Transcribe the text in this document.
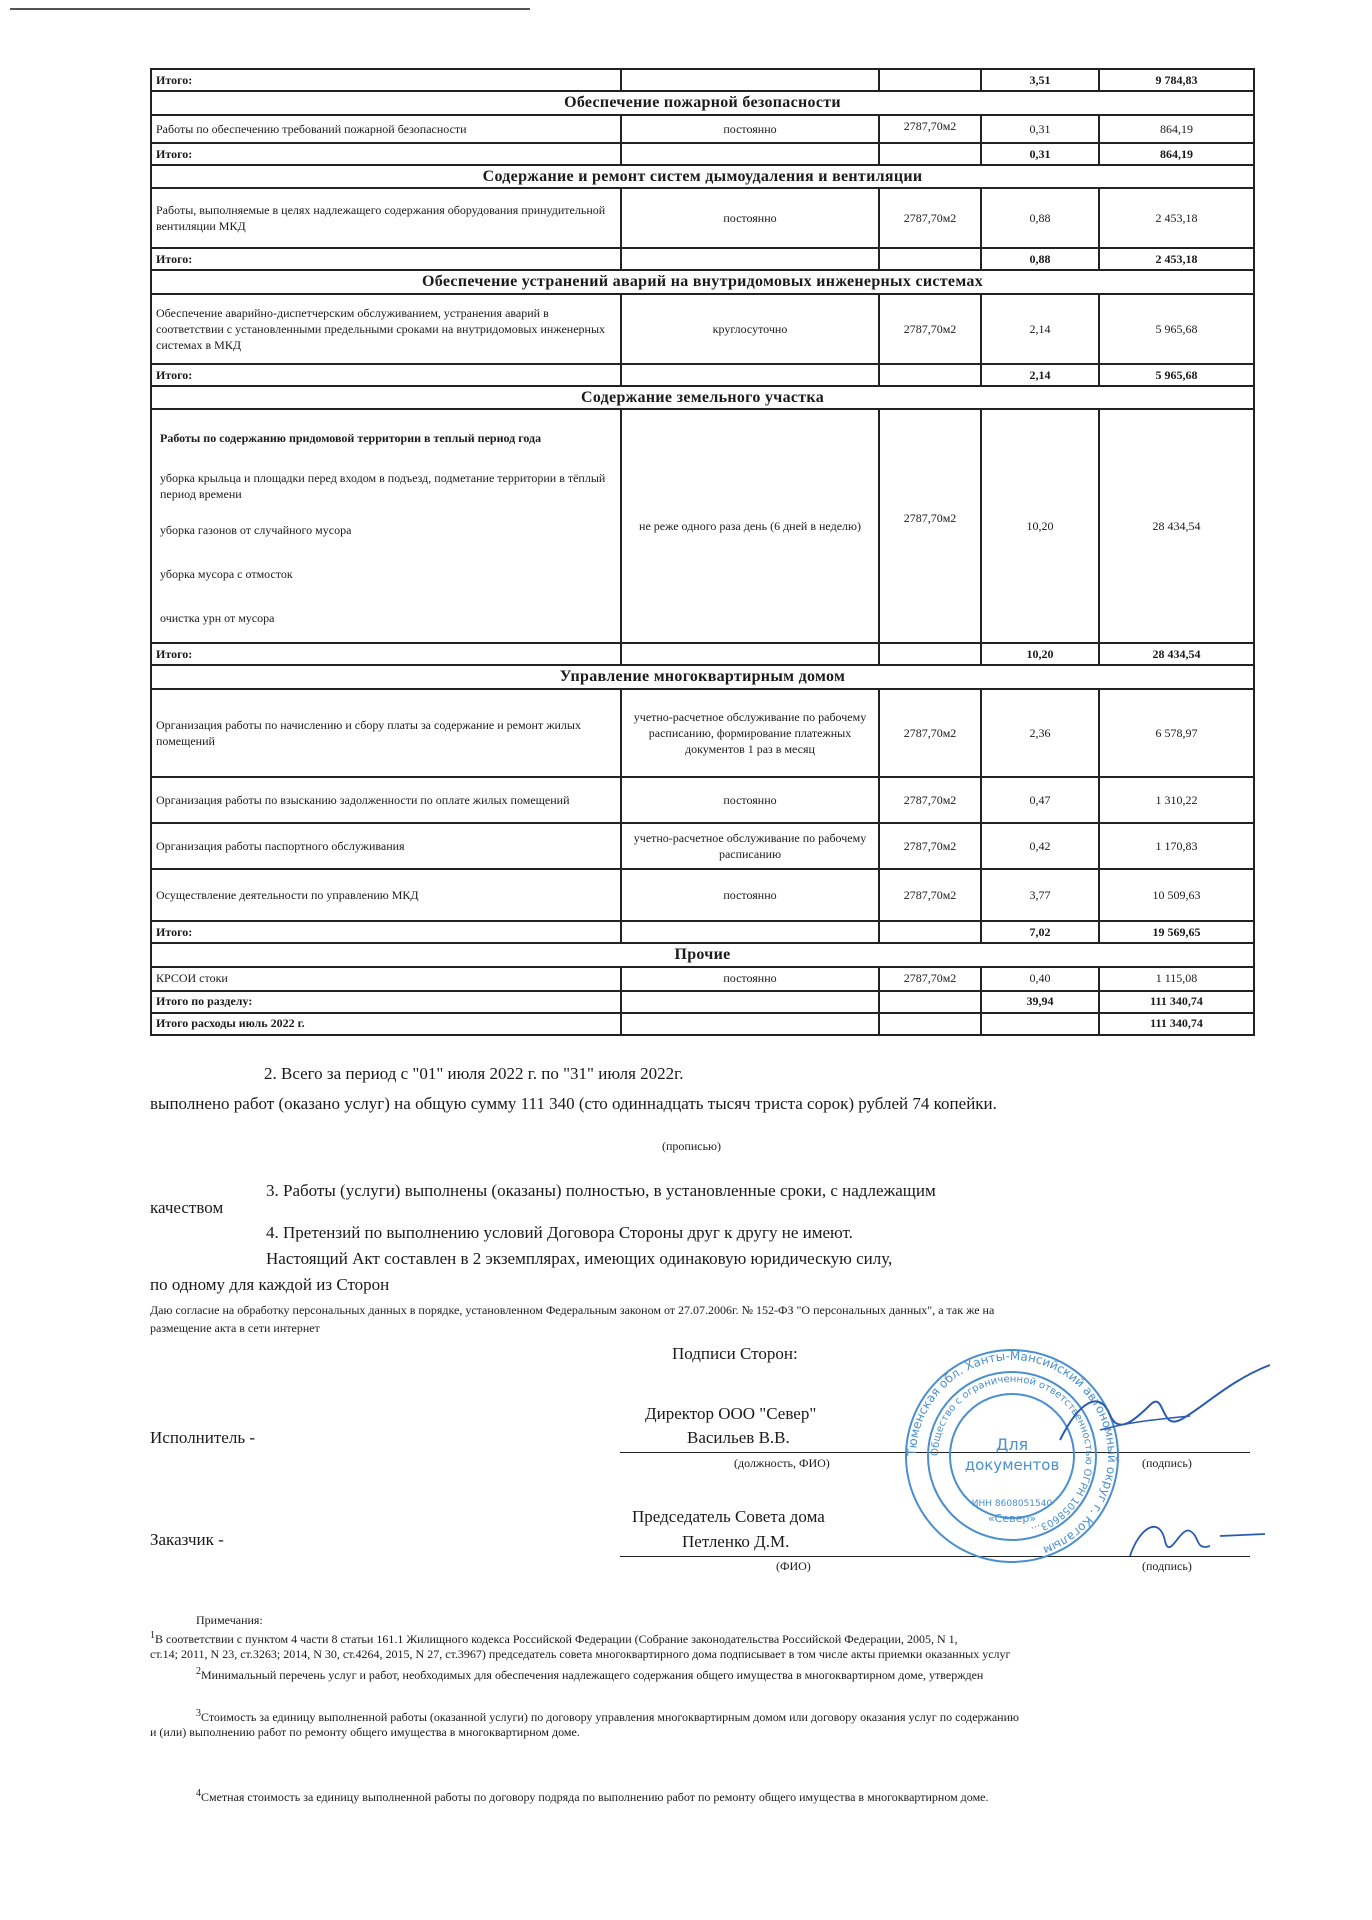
Итого:			3,51	9 784,83
Обеспечение пожарной безопасности				
Работы по обеспечению требований пожарной безопасности	постоянно	2787,70м2	0,31	864,19
Итого:			0,31	864,19
Содержание и ремонт систем дымоудаления и вентиляции				
Работы, выполняемые в целях надлежащего содержания оборудования принудительной вентиляции МКД	постоянно	2787,70м2	0,88	2 453,18
Итого:			0,88	2 453,18
Обеспечение устранений аварий на внутридомовых инженерных системах				
Обеспечение аварийно-диспетчерским обслуживанием, устранения аварий в соответствии с установленными предельными сроками на внутридомовых инженерных системах в МКД	круглосуточно	2787,70м2	2,14	5 965,68
Итого:			2,14	5 965,68
Содержание земельного участка				

Работы по содержанию придомовой территории в теплый период года
уборка крыльца и площадки перед входом в подъезд, подметание территории в тёплый период времени
уборка газонов от случайного мусора
уборка мусора с отмосток
очистка урн от мусора	не реже одного раза день (6 дней в неделю)	2787,70м2	10,20	28 434,54
Итого:			10,20	28 434,54
Управление многоквартирным домом				
Организация работы по начислению и сбору платы за содержание и ремонт жилых помещений	учетно-расчетное обслуживание по рабочему расписанию, формирование платежных документов 1 раз в месяц	2787,70м2	2,36	6 578,97
Организация работы по взысканию задолженности по оплате жилых помещений	постоянно	2787,70м2	0,47	1 310,22
Организация работы паспортного обслуживания	учетно-расчетное обслуживание по рабочему расписанию	2787,70м2	0,42	1 170,83
Осуществление деятельности по управлению МКД	постоянно	2787,70м2	3,77	10 509,63
Итого:			7,02	19 569,65
Прочие				
КРСОИ стоки	постоянно	2787,70м2	0,40	1 115,08
Итого по разделу:			39,94	111 340,74
Итого расходы июль 2022 г.				111 340,74
2. Всего за период с "01" июля 2022 г. по "31" июля 2022г.
выполнено работ (оказано услуг) на общую сумму 111 340 (сто одиннадцать тысяч триста сорок) рублей 74 копейки.
(прописью)
3. Работы (услуги) выполнены (оказаны) полностью, в установленные сроки, с надлежащим
качеством
4. Претензий по выполнению условий Договора Стороны друг к другу не имеют.
Настоящий Акт составлен в 2 экземплярах, имеющих одинаковую юридическую силу,
по одному для каждой из Сторон
Даю согласие на обработку персональных данных в порядке, установленном Федеральным законом от 27.07.2006г. № 152-ФЗ "О персональных данных", а так же на
размещение акта в сети интернет
Подписи Сторон:
Исполнитель -
Директор ООО "Север"
Васильев В.В.
(должность, ФИО)	(подпись)
Заказчик -
Председатель Совета дома
Петленко Д.М.
(ФИО)	(подпись)
Тюменская обл. Ханты-Мансийский автономный округ г. Когалым
Общество с ограниченной ответственностью ОГРН 1058603…
Для
документов
ИНН 8608051540
«Север»
Примечания:
$^1$В соответствии с пунктом 4 части 8 статьи 161.1 Жилищного кодекса Российской Федерации (Собрание законодательства Российской Федерации, 2005, N 1,
ст.14; 2011, N 23, ст.3263; 2014, N 30, ст.4264, 2015, N 27, ст.3967) председатель совета многоквартирного дома подписывает в том числе акты приемки оказанных услуг
$^2$Минимальный перечень услуг и работ, необходимых для обеспечения надлежащего содержания общего имущества в многоквартирном доме, утвержден
$^3$Стоимость за единицу выполненной работы (оказанной услуги) по договору управления многоквартирным домом или договору оказания услуг по содержанию
и (или) выполнению работ по ремонту общего имущества в многоквартирном доме.
$^4$Сметная стоимость за единицу выполненной работы по договору подряда по выполнению работ по ремонту общего имущества в многоквартирном доме.
